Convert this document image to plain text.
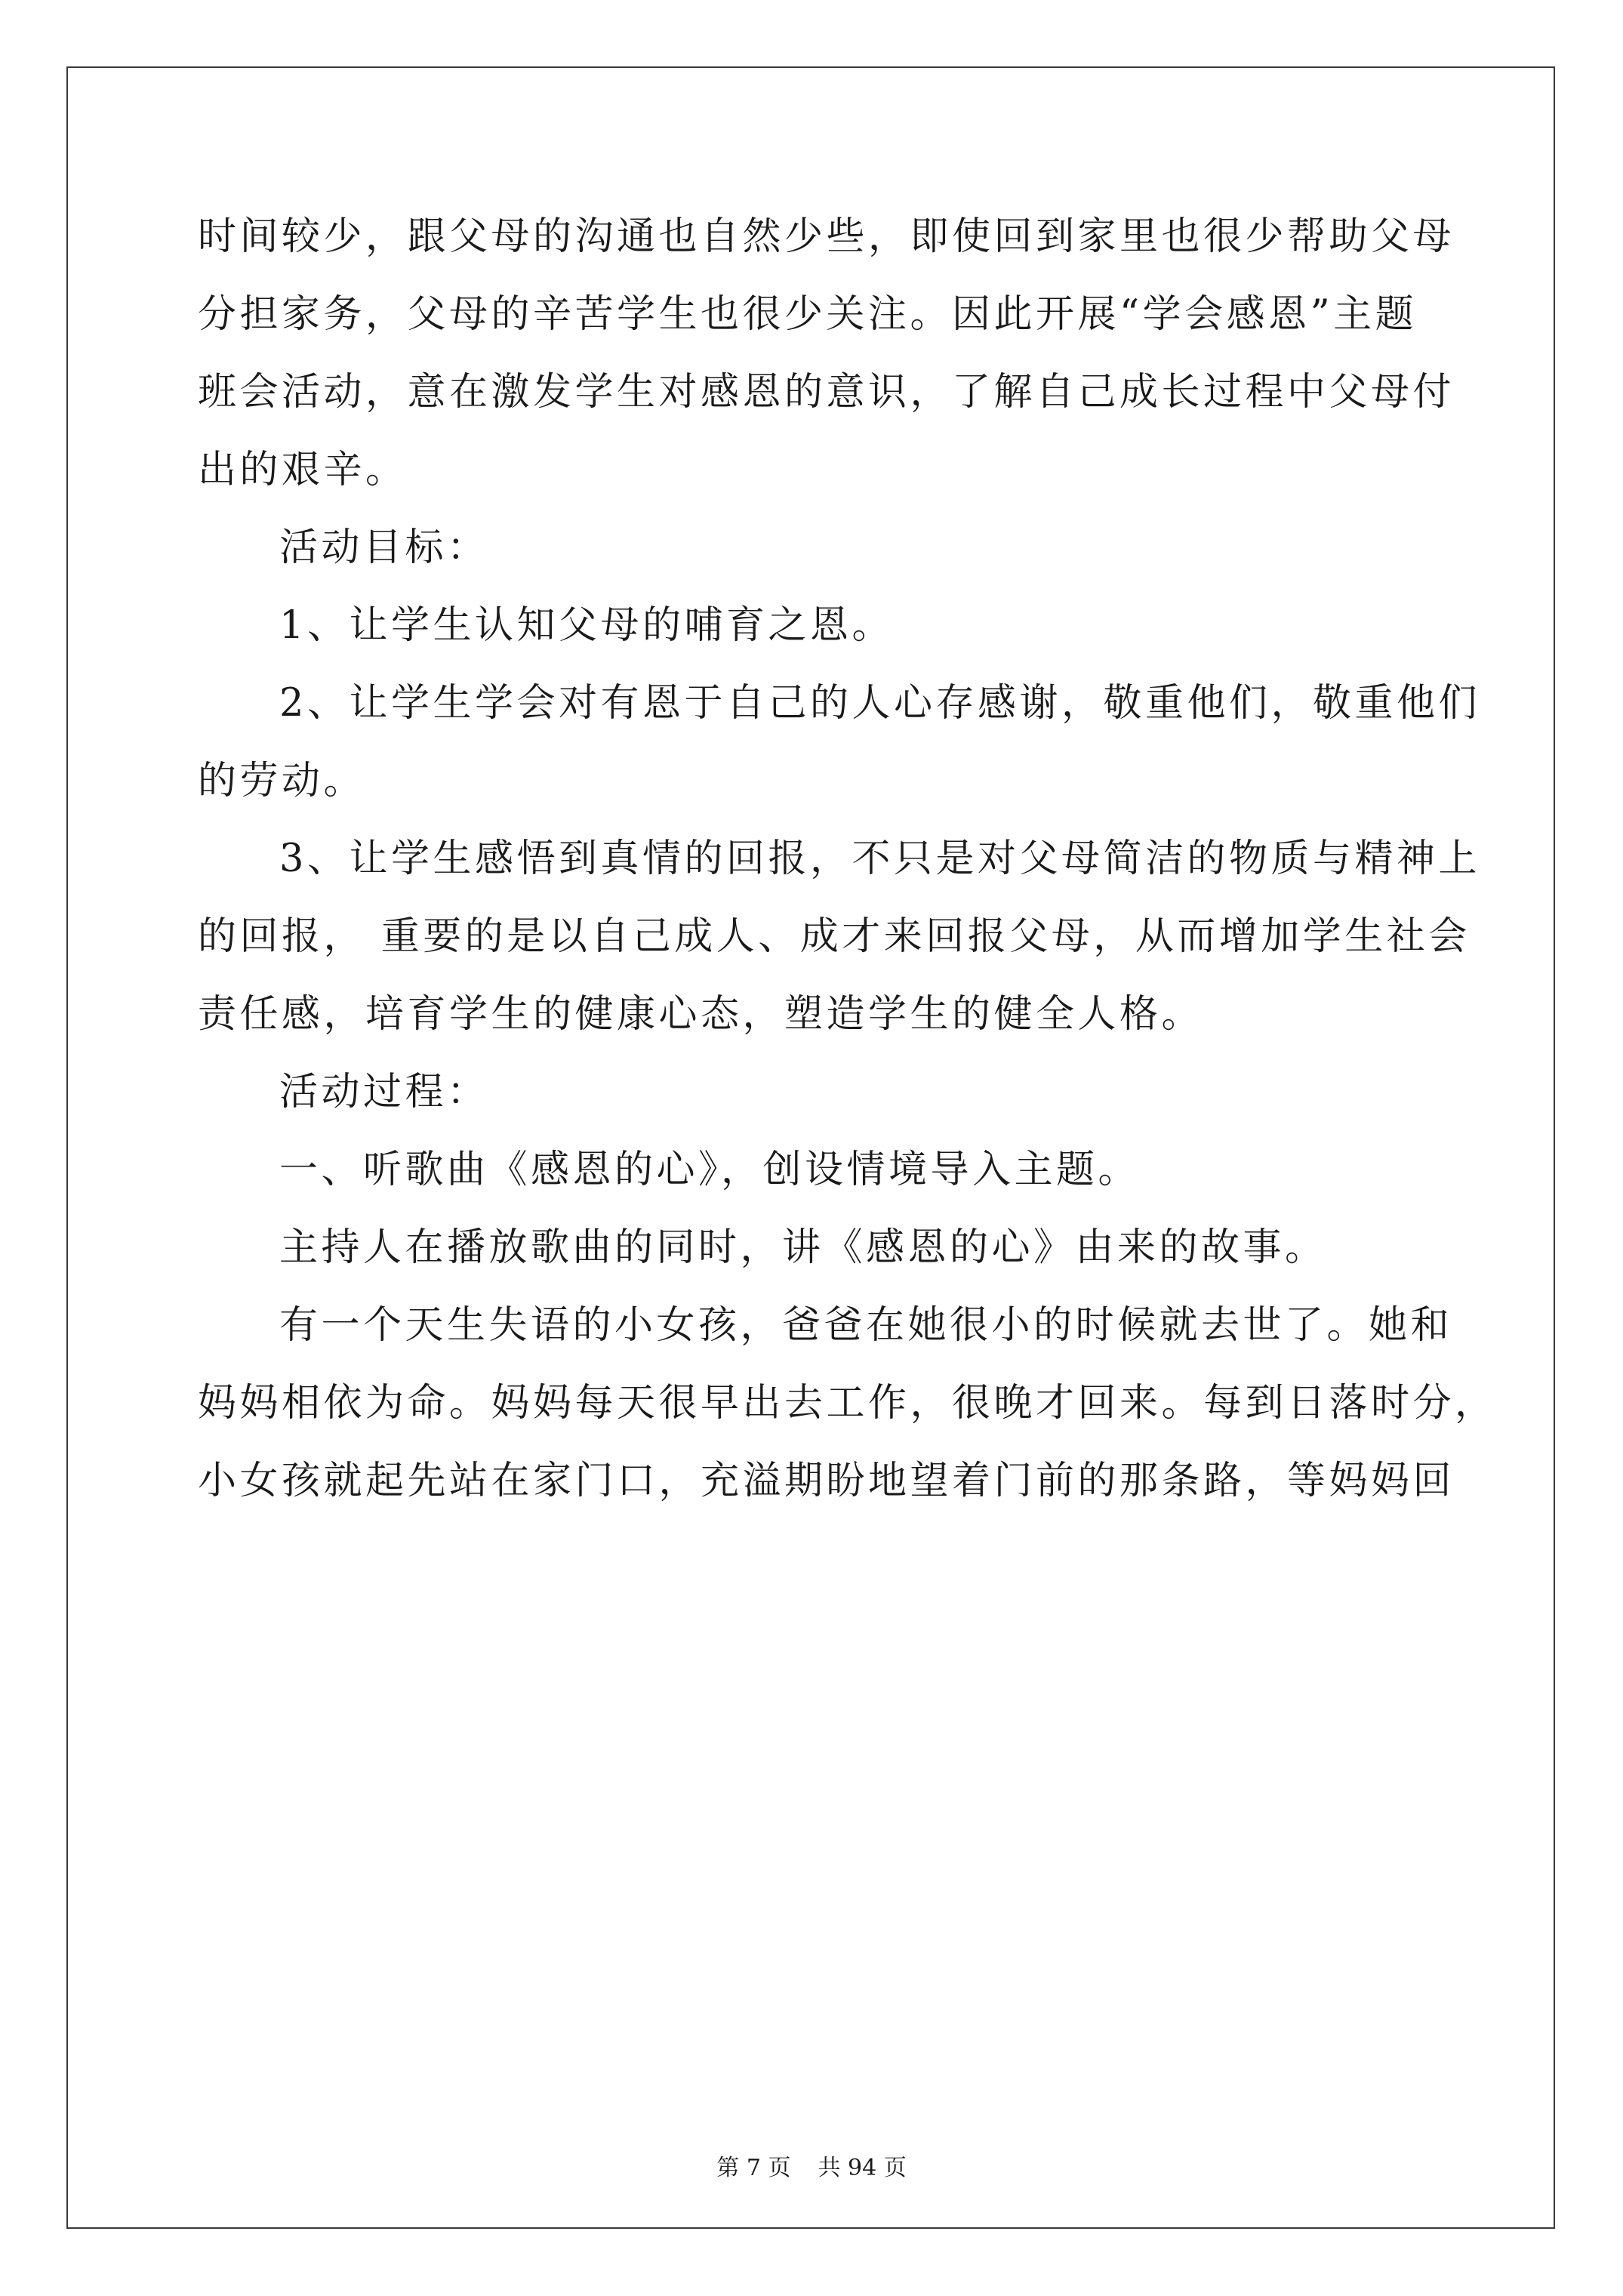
时间较少，跟父母的沟通也自然少些，即使回到家里也很少帮助父母
分担家务，父母的辛苦学生也很少关注。因此开展“学会感恩”主题
班会活动，意在激发学生对感恩的意识，了解自己成长过程中父母付
出的艰辛。
活动目标：
1、让学生认知父母的哺育之恩。
2、让学生学会对有恩于自己的人心存感谢，敬重他们，敬重他们
的劳动。
3、让学生感悟到真情的回报，不只是对父母简洁的物质与精神上
的回报， 重要的是以自己成人、成才来回报父母，从而增加学生社会
责任感，培育学生的健康心态，塑造学生的健全人格。
活动过程：
一、听歌曲《感恩的心》，创设情境导入主题。
主持人在播放歌曲的同时，讲《感恩的心》由来的故事。
有一个天生失语的小女孩，爸爸在她很小的时候就去世了。她和
妈妈相依为命。妈妈每天很早出去工作，很晚才回来。每到日落时分，
小女孩就起先站在家门口，充溢期盼地望着门前的那条路，等妈妈回
第 7 页 共 94 页
